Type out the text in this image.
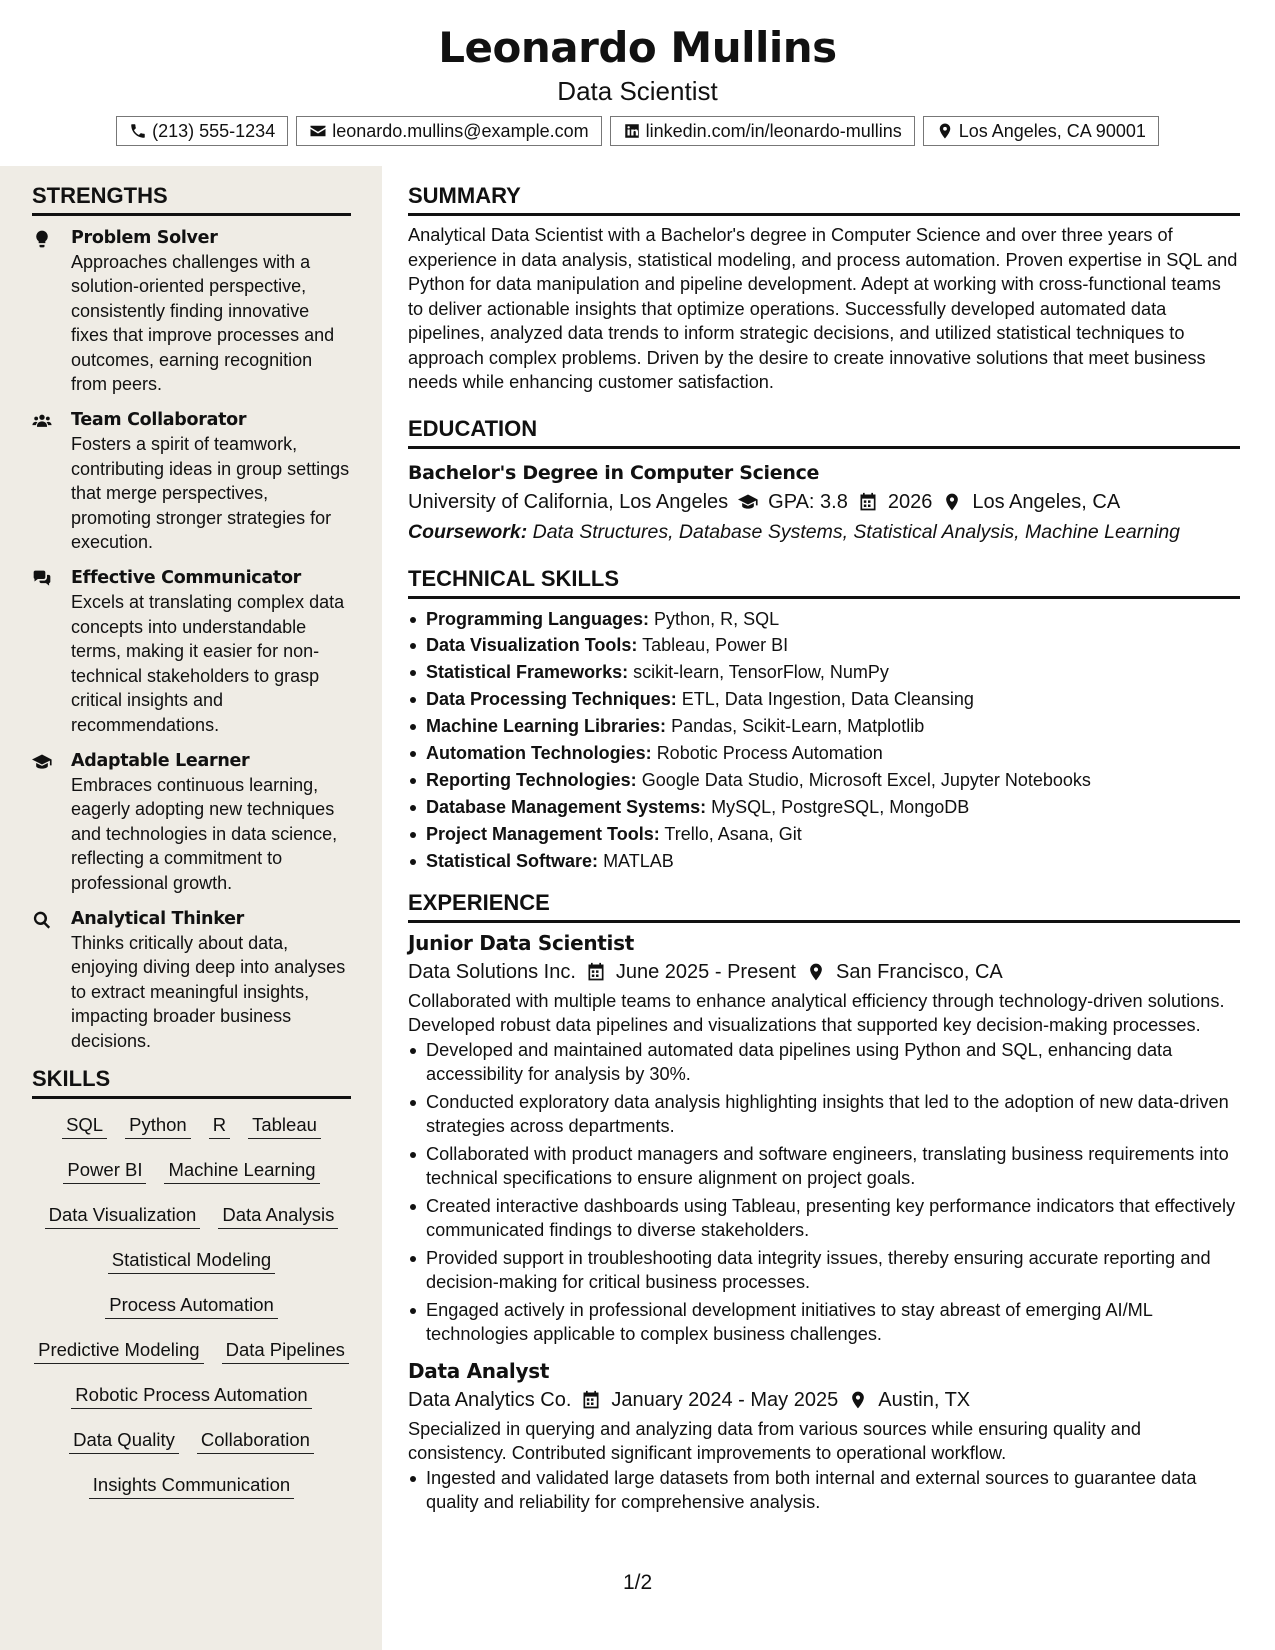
Leonardo Mullins
Data Scientist
(213) 555-1234	leonardo.mullins@example.com	linkedin.com/in/leonardo-mullins	Los Angeles, CA 90001
STRENGTHS
Problem Solver
Approaches challenges with a solution-oriented perspective, consistently finding innovative fixes that improve processes and outcomes, earning recognition from peers.
Team Collaborator
Fosters a spirit of teamwork, contributing ideas in group settings that merge perspectives, promoting stronger strategies for execution.
Effective Communicator
Excels at translating complex data concepts into understandable terms, making it easier for non-technical stakeholders to grasp critical insights and recommendations.
Adaptable Learner
Embraces continuous learning, eagerly adopting new techniques and technologies in data science, reflecting a commitment to professional growth.
Analytical Thinker
Thinks critically about data, enjoying diving deep into analyses to extract meaningful insights, impacting broader business decisions.
SKILLS
SQL Python R Tableau
Power BI Machine Learning
Data Visualization Data Analysis
Statistical Modeling
Process Automation
Predictive Modeling Data Pipelines
Robotic Process Automation
Data Quality Collaboration
Insights Communication
SUMMARY
Analytical Data Scientist with a Bachelor's degree in Computer Science and over three years of experience in data analysis, statistical modeling, and process automation. Proven expertise in SQL and Python for data manipulation and pipeline development. Adept at working with cross-functional teams to deliver actionable insights that optimize operations. Successfully developed automated data pipelines, analyzed data trends to inform strategic decisions, and utilized statistical techniques to approach complex problems. Driven by the desire to create innovative solutions that meet business needs while enhancing customer satisfaction.
EDUCATION
Bachelor's Degree in Computer Science
University of California, Los Angeles GPA: 3.8 2026 Los Angeles, CA
Coursework: Data Structures, Database Systems, Statistical Analysis, Machine Learning
TECHNICAL SKILLS
Programming Languages: Python, R, SQL
Data Visualization Tools: Tableau, Power BI
Statistical Frameworks: scikit-learn, TensorFlow, NumPy
Data Processing Techniques: ETL, Data Ingestion, Data Cleansing
Machine Learning Libraries: Pandas, Scikit-Learn, Matplotlib
Automation Technologies: Robotic Process Automation
Reporting Technologies: Google Data Studio, Microsoft Excel, Jupyter Notebooks
Database Management Systems: MySQL, PostgreSQL, MongoDB
Project Management Tools: Trello, Asana, Git
Statistical Software: MATLAB
EXPERIENCE
Junior Data Scientist
Data Solutions Inc. June 2025 - Present San Francisco, CA
Collaborated with multiple teams to enhance analytical efficiency through technology-driven solutions. Developed robust data pipelines and visualizations that supported key decision-making processes.
Developed and maintained automated data pipelines using Python and SQL, enhancing data accessibility for analysis by 30%.
Conducted exploratory data analysis highlighting insights that led to the adoption of new data-driven strategies across departments.
Collaborated with product managers and software engineers, translating business requirements into technical specifications to ensure alignment on project goals.
Created interactive dashboards using Tableau, presenting key performance indicators that effectively communicated findings to diverse stakeholders.
Provided support in troubleshooting data integrity issues, thereby ensuring accurate reporting and decision-making for critical business processes.
Engaged actively in professional development initiatives to stay abreast of emerging AI/ML technologies applicable to complex business challenges.
Data Analyst
Data Analytics Co. January 2024 - May 2025 Austin, TX
Specialized in querying and analyzing data from various sources while ensuring quality and consistency. Contributed significant improvements to operational workflow.
Ingested and validated large datasets from both internal and external sources to guarantee data quality and reliability for comprehensive analysis.
1/2
